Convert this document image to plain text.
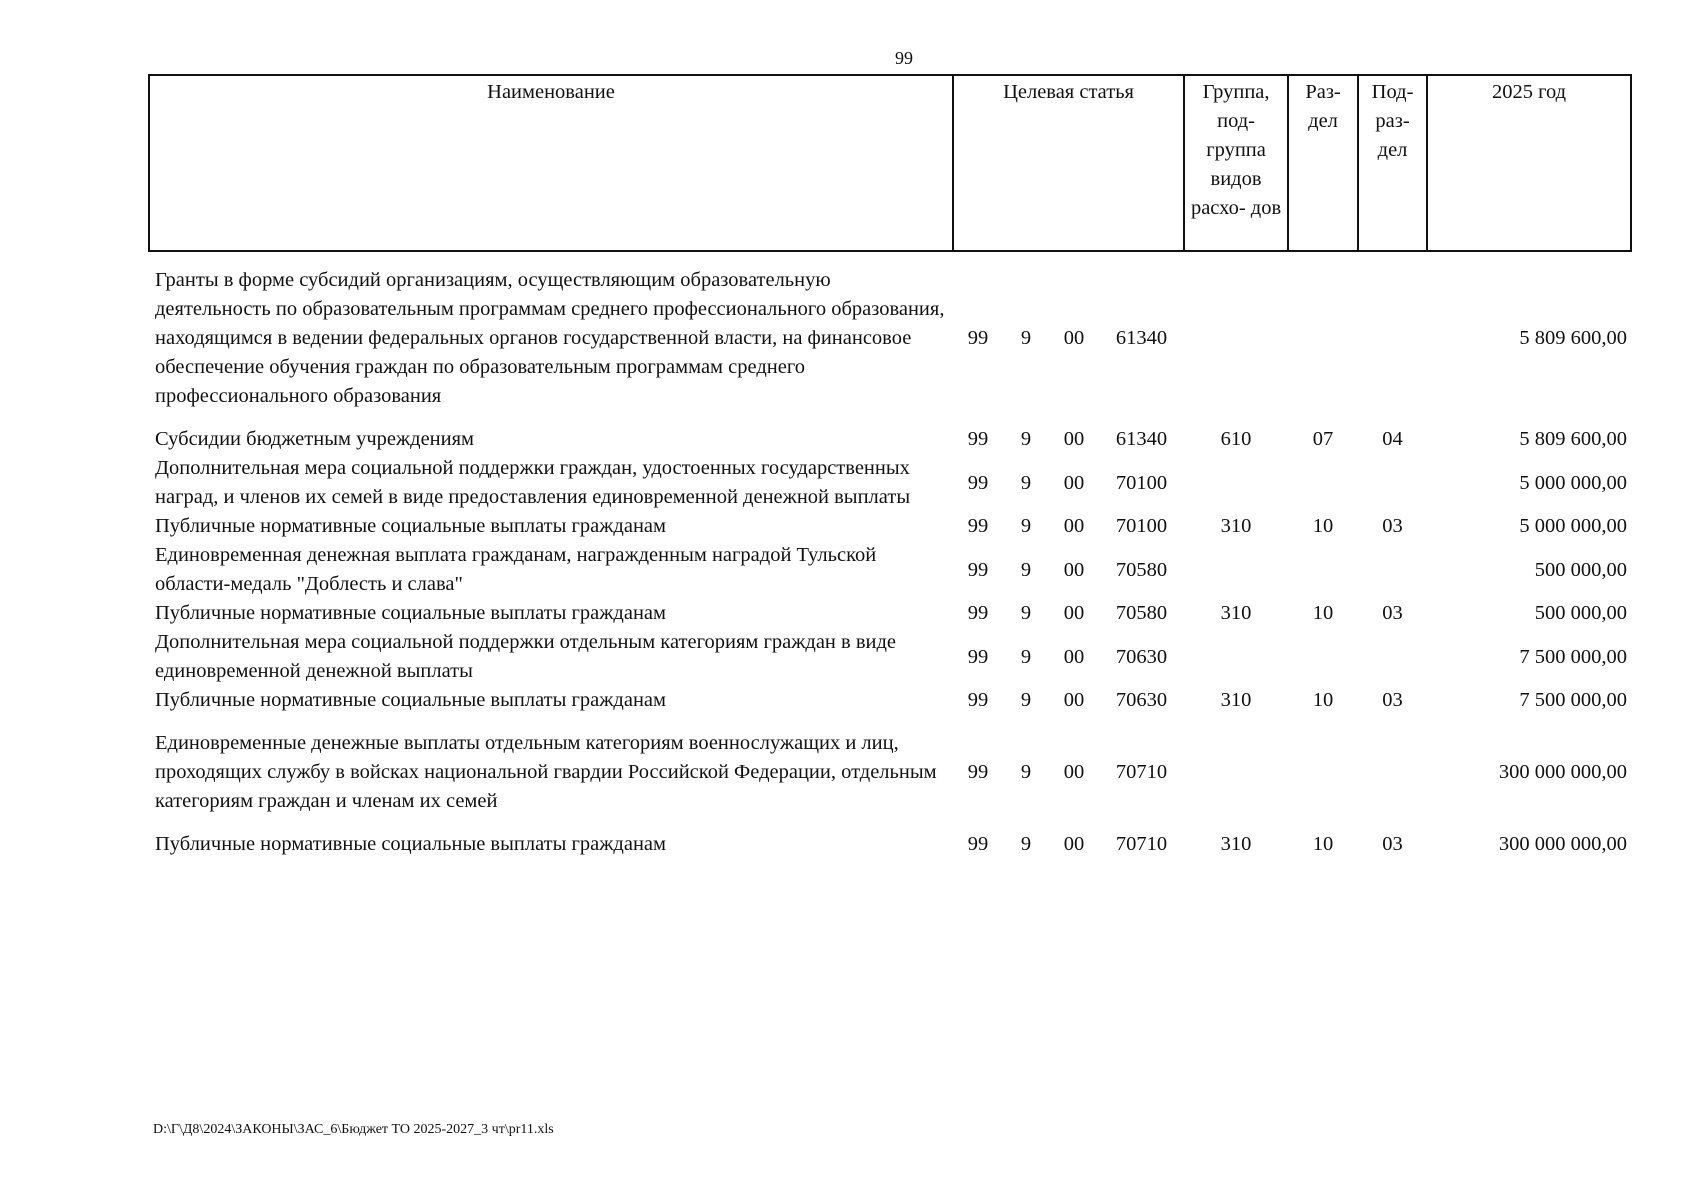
99
Наименование	Целевая статья				Группа, под- группа видов расхо- дов	Раз- дел	Под- раз- дел	2025 год

Гранты в форме субсидий организациям, осуществляющим образовательную деятельность по образовательным программам среднего профессионального образования, находящимся в ведении федеральных органов государственной власти, на финансовое обеспечение обучения граждан по образовательным программам среднего профессионального образования	99	9	00	61340				5 809 600,00

Субсидии бюджетным учреждениям	99	9	00	61340	610	07	04	5 809 600,00
Дополнительная мера социальной поддержки граждан, удостоенных государственных наград, и членов их семей в виде предоставления единовременной денежной выплаты	99	9	00	70100				5 000 000,00
Публичные нормативные социальные выплаты гражданам	99	9	00	70100	310	10	03	5 000 000,00
Единовременная денежная выплата гражданам, награжденным наградой Тульской области-медаль "Доблесть и слава"	99	9	00	70580				500 000,00
Публичные нормативные социальные выплаты гражданам	99	9	00	70580	310	10	03	500 000,00
Дополнительная мера социальной поддержки отдельным категориям граждан в виде единовременной денежной выплаты	99	9	00	70630				7 500 000,00
Публичные нормативные социальные выплаты гражданам	99	9	00	70630	310	10	03	7 500 000,00

Единовременные денежные выплаты отдельным категориям военнослужащих и лиц, проходящих службу в войсках национальной гвардии Российской Федерации, отдельным категориям граждан и членам их семей	99	9	00	70710				300 000 000,00

Публичные нормативные социальные выплаты гражданам	99	9	00	70710	310	10	03	300 000 000,00
D:\Г\Д8\2024\ЗАКОНЫ\ЗАС_6\Бюджет ТО 2025-2027_3 чт\pr11.xls
